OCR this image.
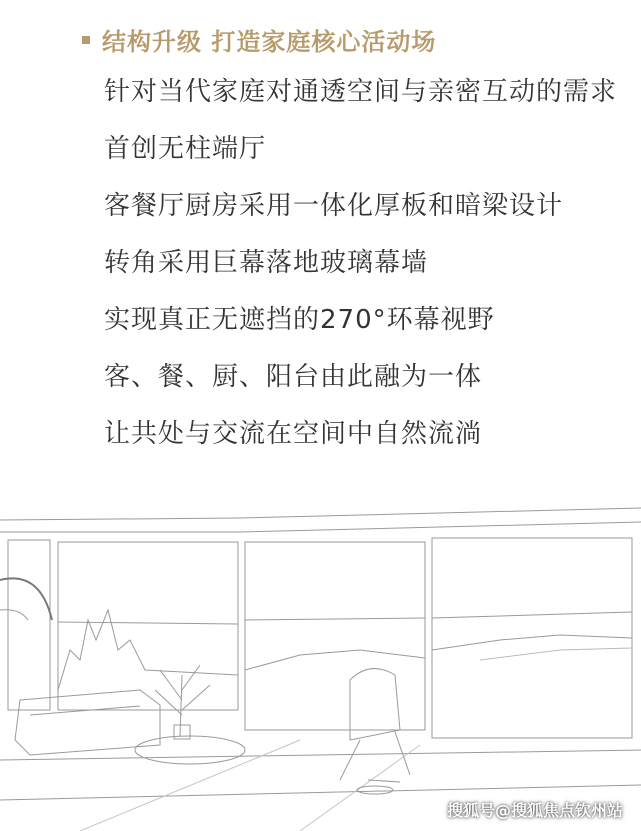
结构升级 打造家庭核心活动场
针对当代家庭对通透空间与亲密互动的需求
首创无柱端厅
客餐厅厨房采用一体化厚板和暗梁设计
转角采用巨幕落地玻璃幕墙
实现真正无遮挡的270°环幕视野
客、餐、厨、阳台由此融为一体
让共处与交流在空间中自然流淌
搜狐号@搜狐焦点钦州站
